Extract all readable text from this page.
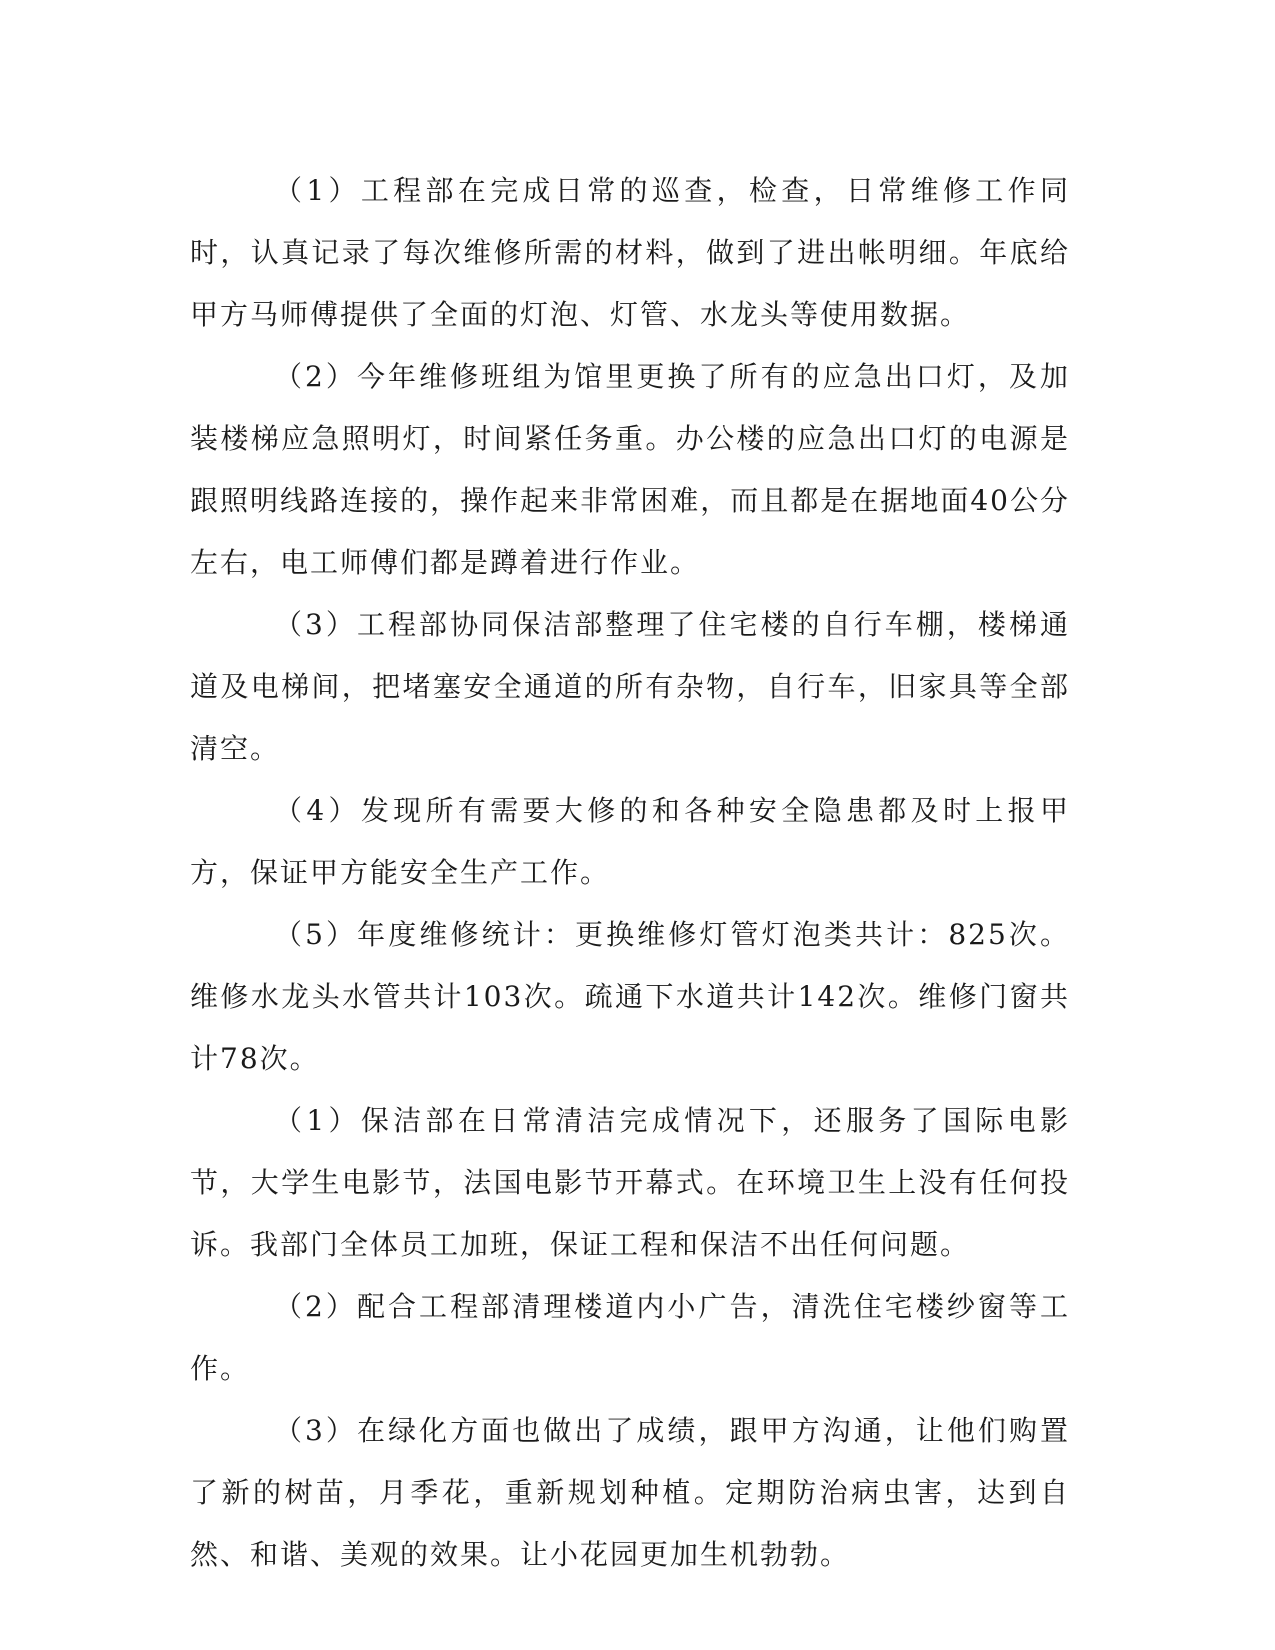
（1）工程部在完成日常的巡查，检查，日常维修工作同时，认真记录了每次维修所需的材料，做到了进出帐明细。年底给甲方马师傅提供了全面的灯泡、灯管、水龙头等使用数据。

（2）今年维修班组为馆里更换了所有的应急出口灯，及加装楼梯应急照明灯，时间紧任务重。办公楼的应急出口灯的电源是跟照明线路连接的，操作起来非常困难，而且都是在据地面40公分左右，电工师傅们都是蹲着进行作业。

（3）工程部协同保洁部整理了住宅楼的自行车棚，楼梯通道及电梯间，把堵塞安全通道的所有杂物，自行车，旧家具等全部清空。

（4）发现所有需要大修的和各种安全隐患都及时上报甲方，保证甲方能安全生产工作。

（5）年度维修统计：更换维修灯管灯泡类共计：825次。维修水龙头水管共计103次。疏通下水道共计142次。维修门窗共计78次。

（1）保洁部在日常清洁完成情况下，还服务了国际电影节，大学生电影节，法国电影节开幕式。在环境卫生上没有任何投诉。我部门全体员工加班，保证工程和保洁不出任何问题。

（2）配合工程部清理楼道内小广告，清洗住宅楼纱窗等工作。

（3）在绿化方面也做出了成绩，跟甲方沟通，让他们购置了新的树苗，月季花，重新规划种植。定期防治病虫害，达到自然、和谐、美观的效果。让小花园更加生机勃勃。
